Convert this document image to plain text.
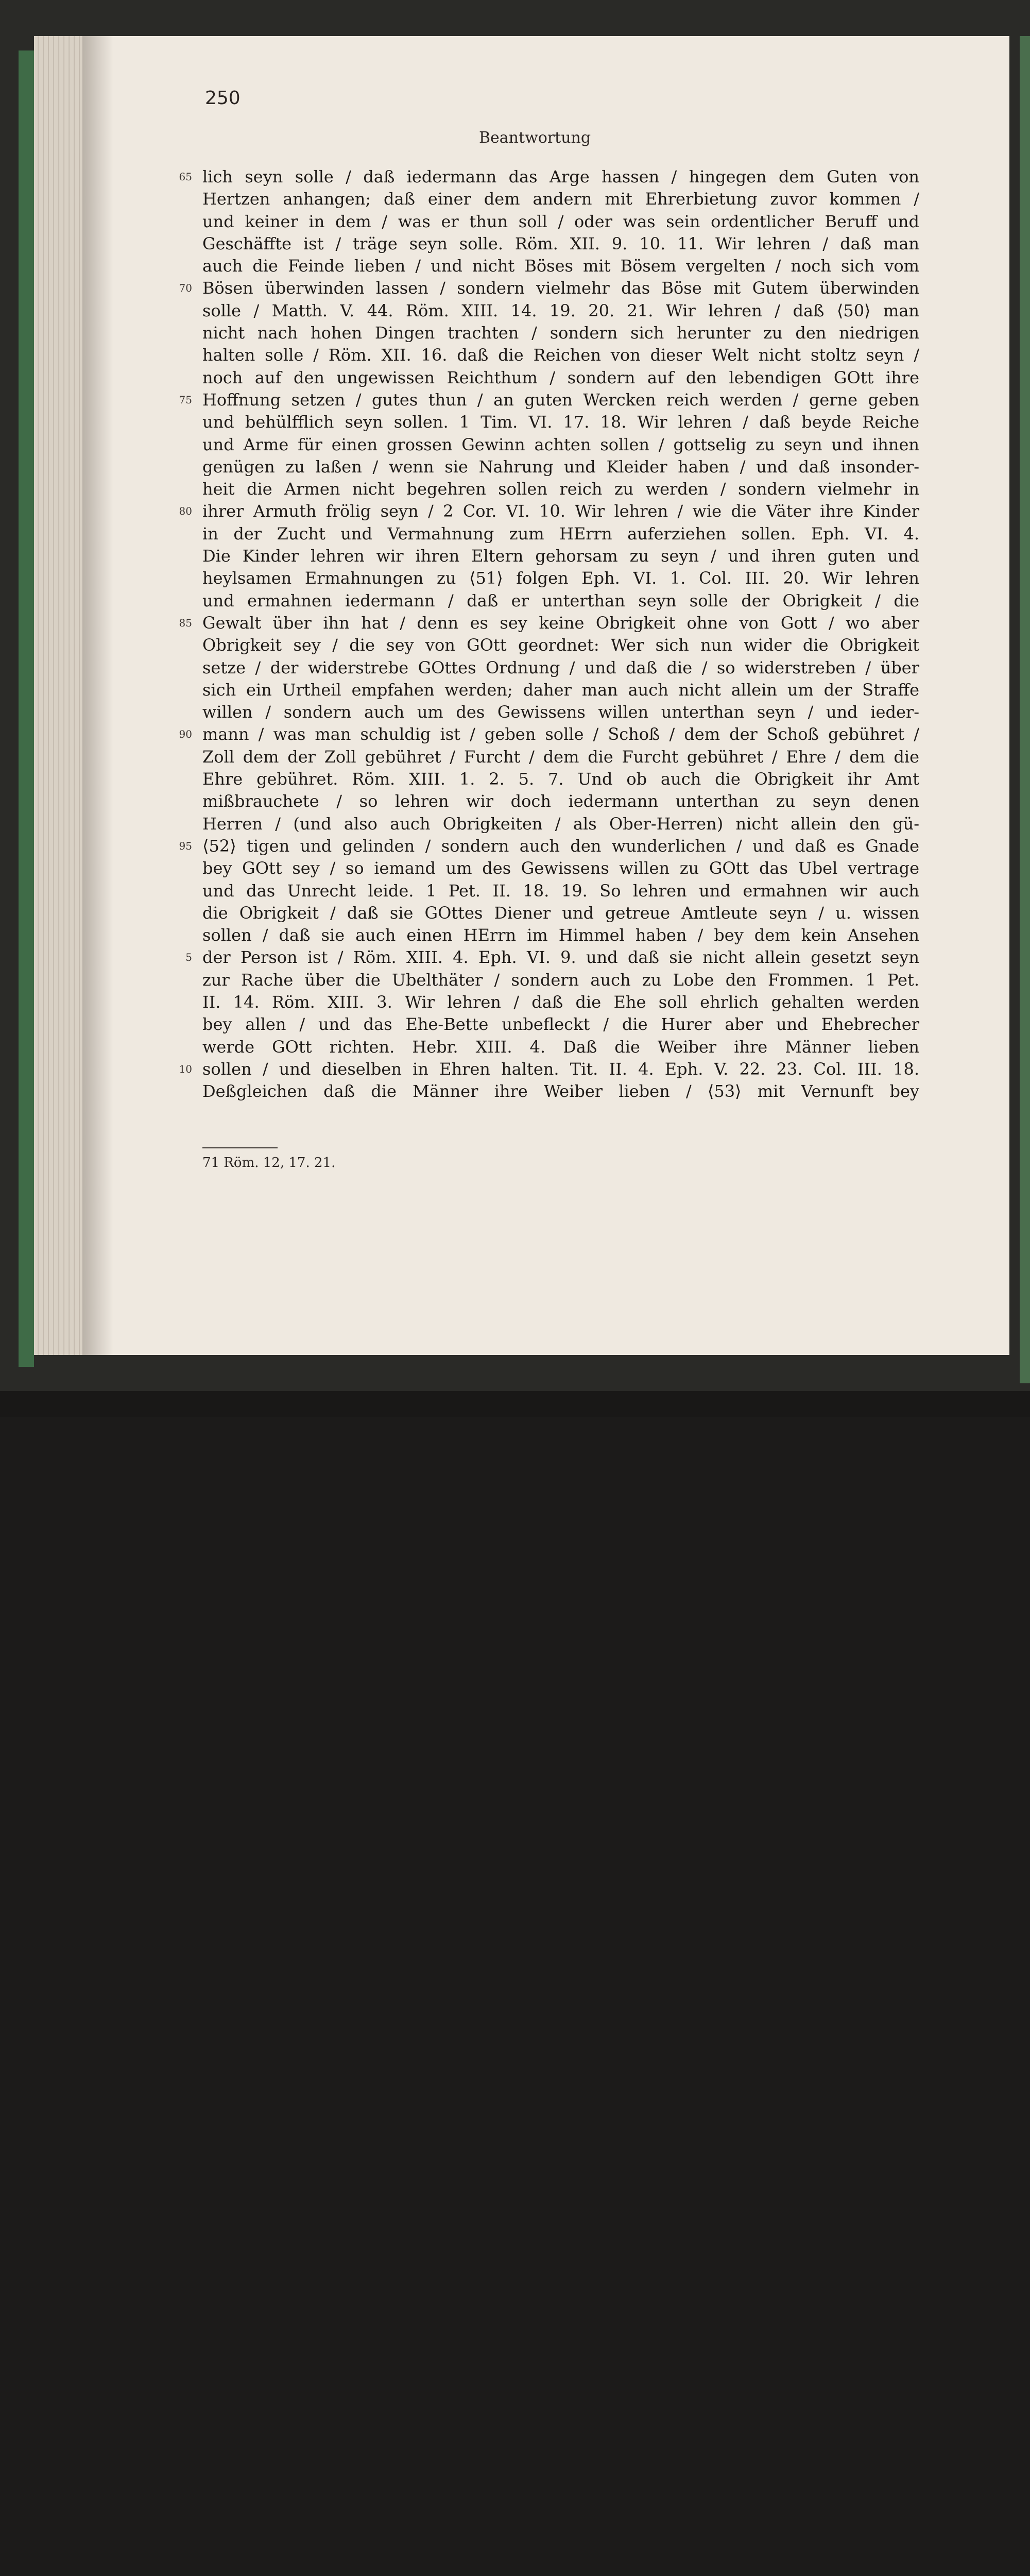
250
Beantwortung
65 lich seyn solle / daß iedermann das Arge hassen / hingegen dem Guten von
Hertzen anhangen; daß einer dem andern mit Ehrerbietung zuvor kommen /
und keiner in dem / was er thun soll / oder was sein ordentlicher Beruff und
Geschäffte ist / träge seyn solle. Röm. XII. 9. 10. 11. Wir lehren / daß man
auch die Feinde lieben / und nicht Böses mit Bösem vergelten / noch sich vom
70 Bösen überwinden lassen / sondern vielmehr das Böse mit Gutem überwinden
solle / Matth. V. 44. Röm. XIII. 14. 19. 20. 21. Wir lehren / daß ⟨50⟩ man
nicht nach hohen Dingen trachten / sondern sich herunter zu den niedrigen
halten solle / Röm. XII. 16. daß die Reichen von dieser Welt nicht stoltz seyn /
noch auf den ungewissen Reichthum / sondern auf den lebendigen GOtt ihre
75 Hoffnung setzen / gutes thun / an guten Wercken reich werden / gerne geben
und behülfflich seyn sollen. 1 Tim. VI. 17. 18. Wir lehren / daß beyde Reiche
und Arme für einen grossen Gewinn achten sollen / gottselig zu seyn und ihnen
genügen zu laßen / wenn sie Nahrung und Kleider haben / und daß insonder-
heit die Armen nicht begehren sollen reich zu werden / sondern vielmehr in
80 ihrer Armuth frölig seyn / 2 Cor. VI. 10. Wir lehren / wie die Väter ihre Kinder
in der Zucht und Vermahnung zum HErrn auferziehen sollen. Eph. VI. 4.
Die Kinder lehren wir ihren Eltern gehorsam zu seyn / und ihren guten und
heylsamen Ermahnungen zu ⟨51⟩ folgen Eph. VI. 1. Col. III. 20. Wir lehren
und ermahnen iedermann / daß er unterthan seyn solle der Obrigkeit / die
85 Gewalt über ihn hat / denn es sey keine Obrigkeit ohne von Gott / wo aber
Obrigkeit sey / die sey von GOtt geordnet: Wer sich nun wider die Obrigkeit
setze / der widerstrebe GOttes Ordnung / und daß die / so widerstreben / über
sich ein Urtheil empfahen werden; daher man auch nicht allein um der Straffe
willen / sondern auch um des Gewissens willen unterthan seyn / und ieder-
90 mann / was man schuldig ist / geben solle / Schoß / dem der Schoß gebühret /
Zoll dem der Zoll gebühret / Furcht / dem die Furcht gebühret / Ehre / dem die
Ehre gebühret. Röm. XIII. 1. 2. 5. 7. Und ob auch die Obrigkeit ihr Amt
mißbrauchete / so lehren wir doch iedermann unterthan zu seyn denen
Herren / (und also auch Obrigkeiten / als Ober-Herren) nicht allein den gü-
95 ⟨52⟩ tigen und gelinden / sondern auch den wunderlichen / und daß es Gnade
bey GOtt sey / so iemand um des Gewissens willen zu GOtt das Ubel vertrage
und das Unrecht leide. 1 Pet. II. 18. 19. So lehren und ermahnen wir auch
die Obrigkeit / daß sie GOttes Diener und getreue Amtleute seyn / u. wissen
sollen / daß sie auch einen HErrn im Himmel haben / bey dem kein Ansehen
5 der Person ist / Röm. XIII. 4. Eph. VI. 9. und daß sie nicht allein gesetzt seyn
zur Rache über die Ubelthäter / sondern auch zu Lobe den Frommen. 1 Pet.
II. 14. Röm. XIII. 3. Wir lehren / daß die Ehe soll ehrlich gehalten werden
bey allen / und das Ehe-Bette unbefleckt / die Hurer aber und Ehebrecher
werde GOtt richten. Hebr. XIII. 4. Daß die Weiber ihre Männer lieben
10 sollen / und dieselben in Ehren halten. Tit. II. 4. Eph. V. 22. 23. Col. III. 18.
Deßgleichen daß die Männer ihre Weiber lieben / ⟨53⟩ mit Vernunft bey
71 Röm. 12, 17. 21.
